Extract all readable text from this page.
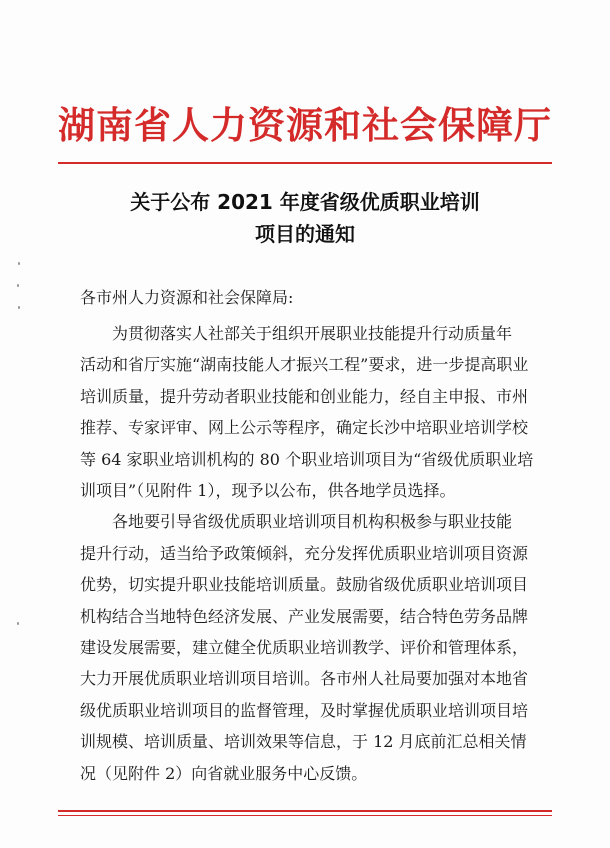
湖南省人力资源和社会保障厅
关于公布 2021 年度省级优质职业培训
项目的通知
各市州人力资源和社会保障局:
为贯彻落实人社部关于组织开展职业技能提升行动质量年
活动和省厅实施“湖南技能人才振兴工程”要求，进一步提高职业
培训质量，提升劳动者职业技能和创业能力，经自主申报、市州
推荐、专家评审、网上公示等程序，确定长沙中培职业培训学校
等 64 家职业培训机构的 80 个职业培训项目为“省级优质职业培
训项目”（见附件 1），现予以公布，供各地学员选择。
各地要引导省级优质职业培训项目机构积极参与职业技能
提升行动，适当给予政策倾斜，充分发挥优质职业培训项目资源
优势，切实提升职业技能培训质量。鼓励省级优质职业培训项目
机构结合当地特色经济发展、产业发展需要，结合特色劳务品牌
建设发展需要，建立健全优质职业培训教学、评价和管理体系，
大力开展优质职业培训项目培训。各市州人社局要加强对本地省
级优质职业培训项目的监督管理，及时掌握优质职业培训项目培
训规模、培训质量、培训效果等信息，于 12 月底前汇总相关情
况（见附件 2）向省就业服务中心反馈。
